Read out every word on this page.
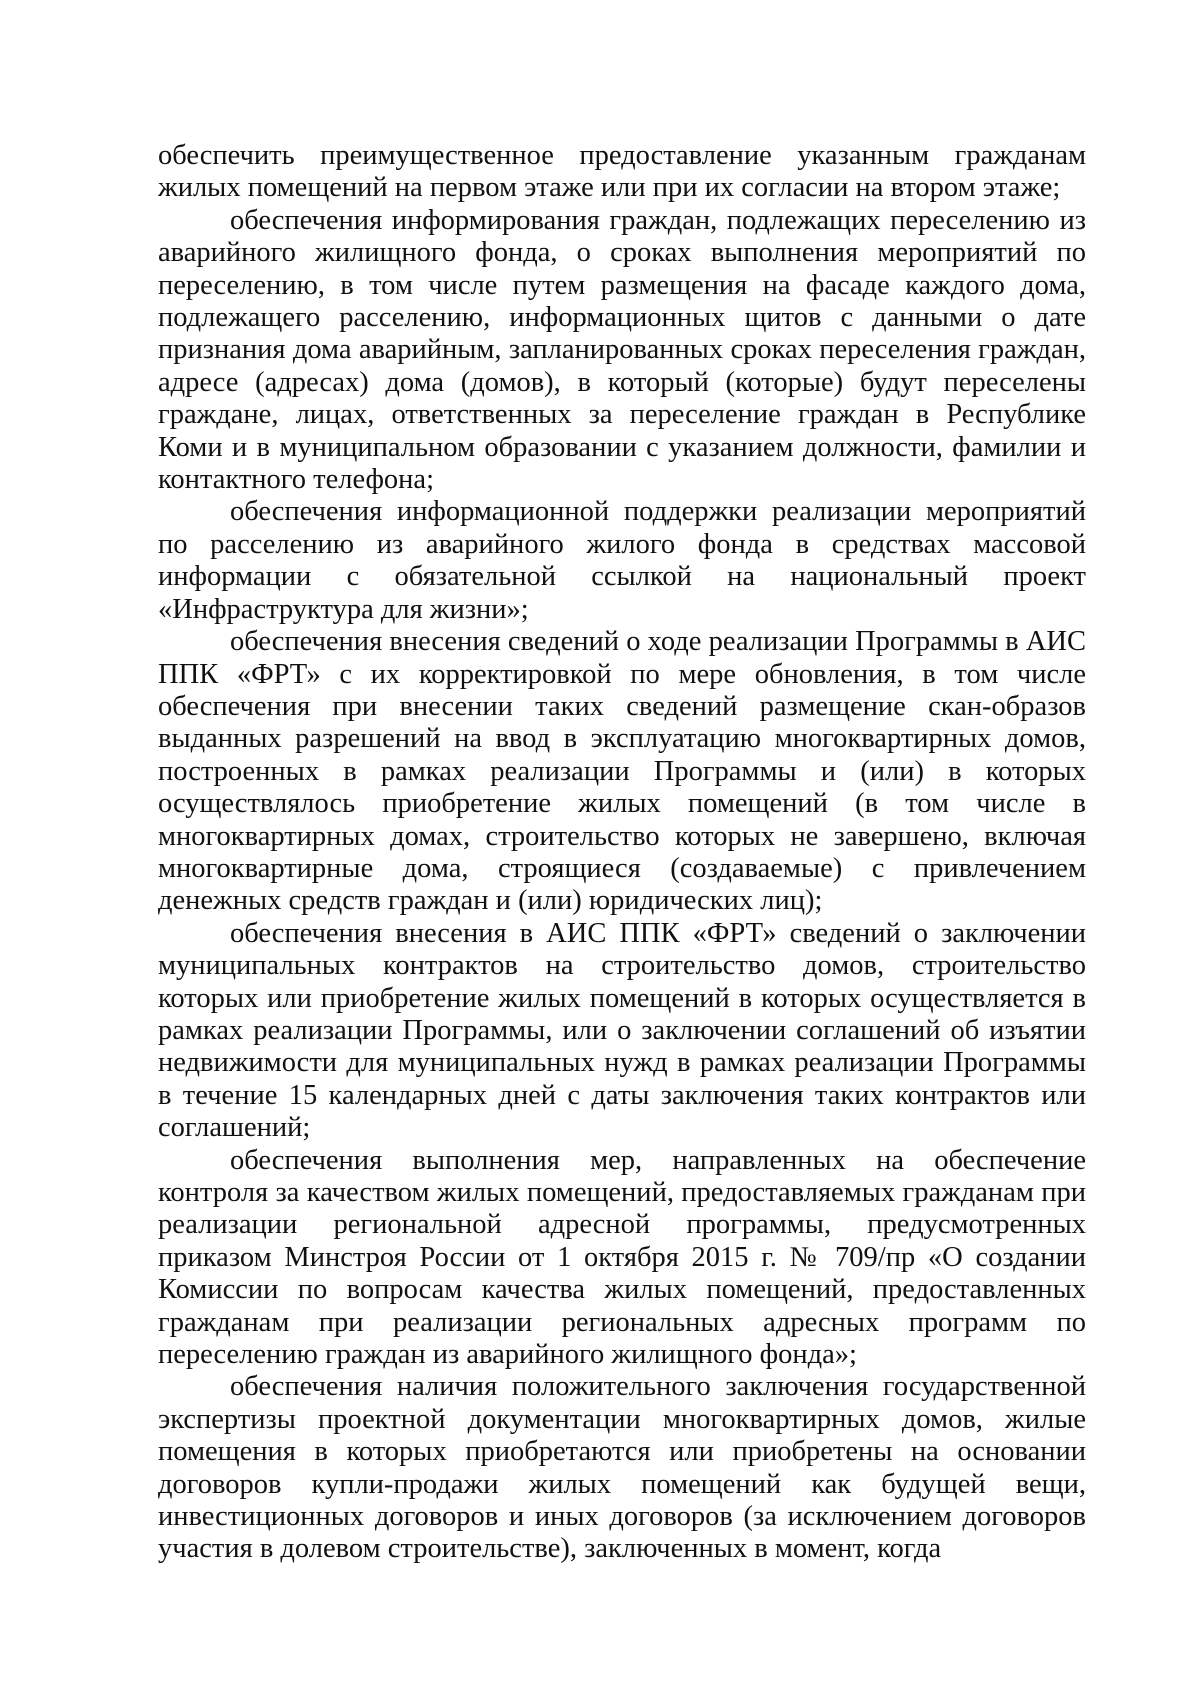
обеспечить преимущественное предоставление указанным гражданам жилых помещений на первом этаже или при их согласии на втором этаже;

обеспечения информирования граждан, подлежащих переселению из аварийного жилищного фонда, о сроках выполнения мероприятий по переселению, в том числе путем размещения на фасаде каждого дома, подлежащего расселению, информационных щитов с данными о дате признания дома аварийным, запланированных сроках переселения граждан, адресе (адресах) дома (домов), в который (которые) будут переселены граждане, лицах, ответственных за переселение граждан в Республике Коми и в муниципальном образовании с указанием должности, фамилии и контактного телефона;

обеспечения информационной поддержки реализации мероприятий по расселению из аварийного жилого фонда в средствах массовой информации с обязательной ссылкой на национальный проект «Инфраструктура для жизни»;

обеспечения внесения сведений о ходе реализации Программы в АИС ППК «ФРТ» с их корректировкой по мере обновления, в том числе обеспечения при внесении таких сведений размещение скан-образов выданных разрешений на ввод в эксплуатацию многоквартирных домов, построенных в рамках реализации Программы и (или) в которых осуществлялось приобретение жилых помещений (в том числе в многоквартирных домах, строительство которых не завершено, включая многоквартирные дома, строящиеся (создаваемые) с привлечением денежных средств граждан и (или) юридических лиц);

обеспечения внесения в АИС ППК «ФРТ» сведений о заключении муниципальных контрактов на строительство домов, строительство которых или приобретение жилых помещений в которых осуществляется в рамках реализации Программы, или о заключении соглашений об изъятии недвижимости для муниципальных нужд в рамках реализации Программы в течение 15 календарных дней с даты заключения таких контрактов или соглашений;

обеспечения выполнения мер, направленных на обеспечение контроля за качеством жилых помещений, предоставляемых гражданам при реализации региональной адресной программы, предусмотренных приказом Минстроя России от 1 октября 2015 г. № 709/пр «О создании Комиссии по вопросам качества жилых помещений, предоставленных гражданам при реализации региональных адресных программ по переселению граждан из аварийного жилищного фонда»;

обеспечения наличия положительного заключения государственной экспертизы проектной документации многоквартирных домов, жилые помещения в которых приобретаются или приобретены на основании договоров купли-продажи жилых помещений как будущей вещи, инвестиционных договоров и иных договоров (за исключением договоров участия в долевом строительстве), заключенных в момент, когда
